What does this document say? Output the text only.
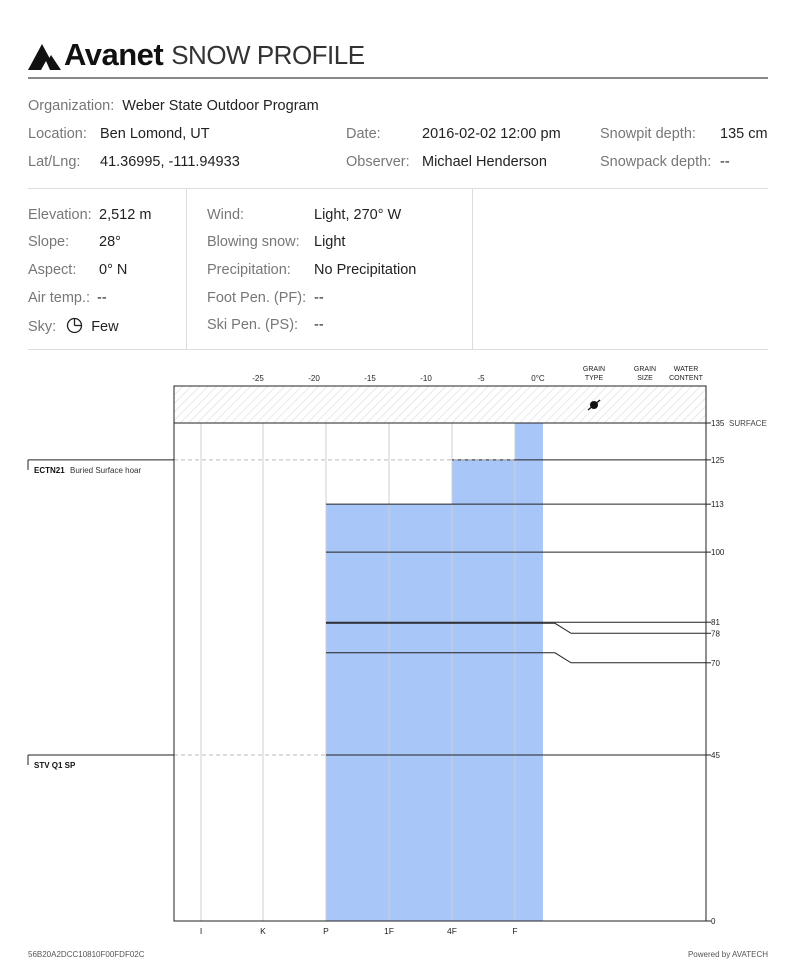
Avanet SNOW PROFILE
Organization: Weber State Outdoor Program
Location: Ben Lomond, UT
Lat/Lng: 41.36995, -111.94933
Date:	2016-02-02 12:00 pm
Observer: Michael Henderson
Snowpit depth: 135 cm
Snowpack depth: --
Elevation: 2,512 m
Slope: 28°
Aspect: 0° N
Air temp.: --
Sky: Few
Wind:	Light, 270° W
Blowing snow: Light
Precipitation: No Precipitation
Foot Pen. (PF): --
Ski Pen. (PS): --
135
125
113
100
81
78
70
45
0
SURFACE
ECTN21 Buried Surface hoar
STV Q1 SP
-25	-20	-15	-10	-5	0°C
GRAIN
TYPE
GRAIN
SIZE
WATER
CONTENT
I	K	P	1F	4F	F
56B20A2DCC10810F00FDF02C	Powered by AVATECH
